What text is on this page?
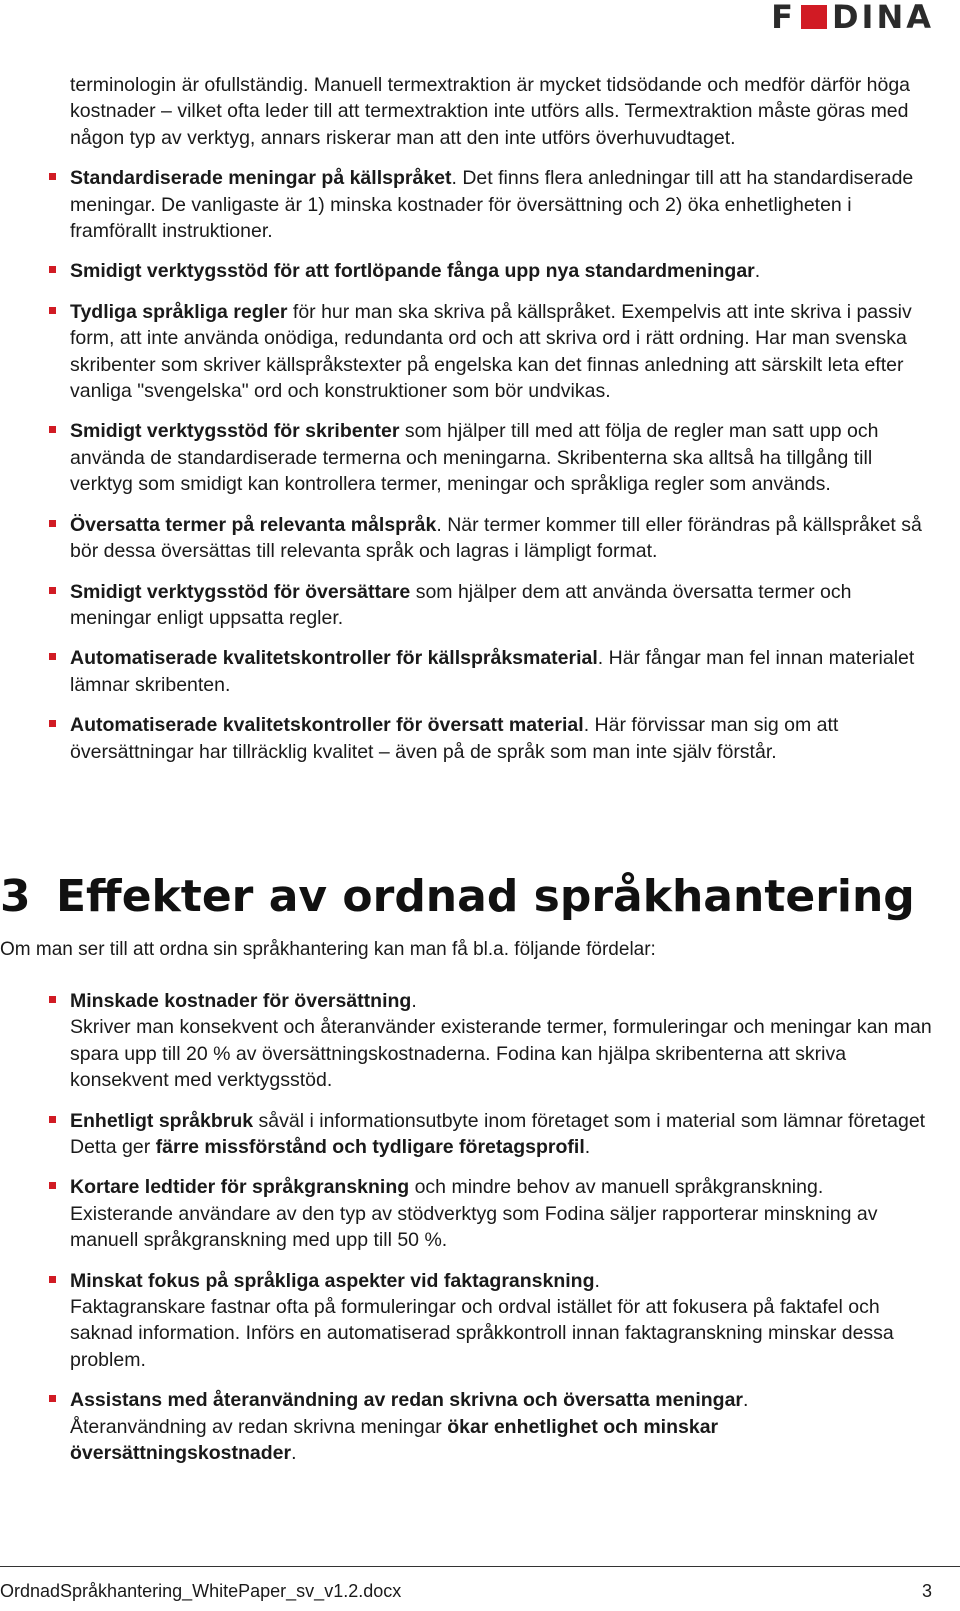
F DINA

terminologin är ofullständig. Manuell termextraktion är mycket tidsödande och medför därför höga kostnader – vilket ofta leder till att termextraktion inte utförs alls. Termextraktion måste göras med någon typ av verktyg, annars riskerar man att den inte utförs överhuvudtaget.

Standardiserade meningar på källspråket. Det finns flera anledningar till att ha standardiserade meningar. De vanligaste är 1) minska kostnader för översättning och 2) öka enhetligheten i framförallt instruktioner.
Smidigt verktygsstöd för att fortlöpande fånga upp nya standardmeningar.
Tydliga språkliga regler för hur man ska skriva på källspråket. Exempelvis att inte skriva i passiv form, att inte använda onödiga, redundanta ord och att skriva ord i rätt ordning. Har man svenska skribenter som skriver källspråkstexter på engelska kan det finnas anledning att särskilt leta efter vanliga "svengelska" ord och konstruktioner som bör undvikas.
Smidigt verktygsstöd för skribenter som hjälper till med att följa de regler man satt upp och använda de standardiserade termerna och meningarna. Skribenterna ska alltså ha tillgång till verktyg som smidigt kan kontrollera termer, meningar och språkliga regler som används.
Översatta termer på relevanta målspråk. När termer kommer till eller förändras på källspråket så bör dessa översättas till relevanta språk och lagras i lämpligt format.
Smidigt verktygsstöd för översättare som hjälper dem att använda översatta termer och meningar enligt uppsatta regler.
Automatiserade kvalitetskontroller för källspråksmaterial. Här fångar man fel innan materialet lämnar skribenten.
Automatiserade kvalitetskontroller för översatt material. Här förvissar man sig om att översättningar har tillräcklig kvalitet – även på de språk som man inte själv förstår.
3 Effekter av ordnad språkhantering

Om man ser till att ordna sin språkhantering kan man få bl.a. följande fördelar:

Minskade kostnader för översättning.
Skriver man konsekvent och återanvänder existerande termer, formuleringar och meningar kan man spara upp till 20 % av översättningskostnaderna. Fodina kan hjälpa skribenterna att skriva konsekvent med verktygsstöd.
Enhetligt språkbruk såväl i informationsutbyte inom företaget som i material som lämnar företaget
Detta ger färre missförstånd och tydligare företagsprofil.
Kortare ledtider för språkgranskning och mindre behov av manuell språkgranskning.
Existerande användare av den typ av stödverktyg som Fodina säljer rapporterar minskning av manuell språkgranskning med upp till 50 %.
Minskat fokus på språkliga aspekter vid faktagranskning.
Faktagranskare fastnar ofta på formuleringar och ordval istället för att fokusera på faktafel och saknad information. Införs en automatiserad språkkontroll innan faktagranskning minskar dessa problem.
Assistans med återanvändning av redan skrivna och översatta meningar.
Återanvändning av redan skrivna meningar ökar enhetlighet och minskar översättningskostnader.
OrdnadSpråkhantering_WhitePaper_sv_v1.2.docx	3
